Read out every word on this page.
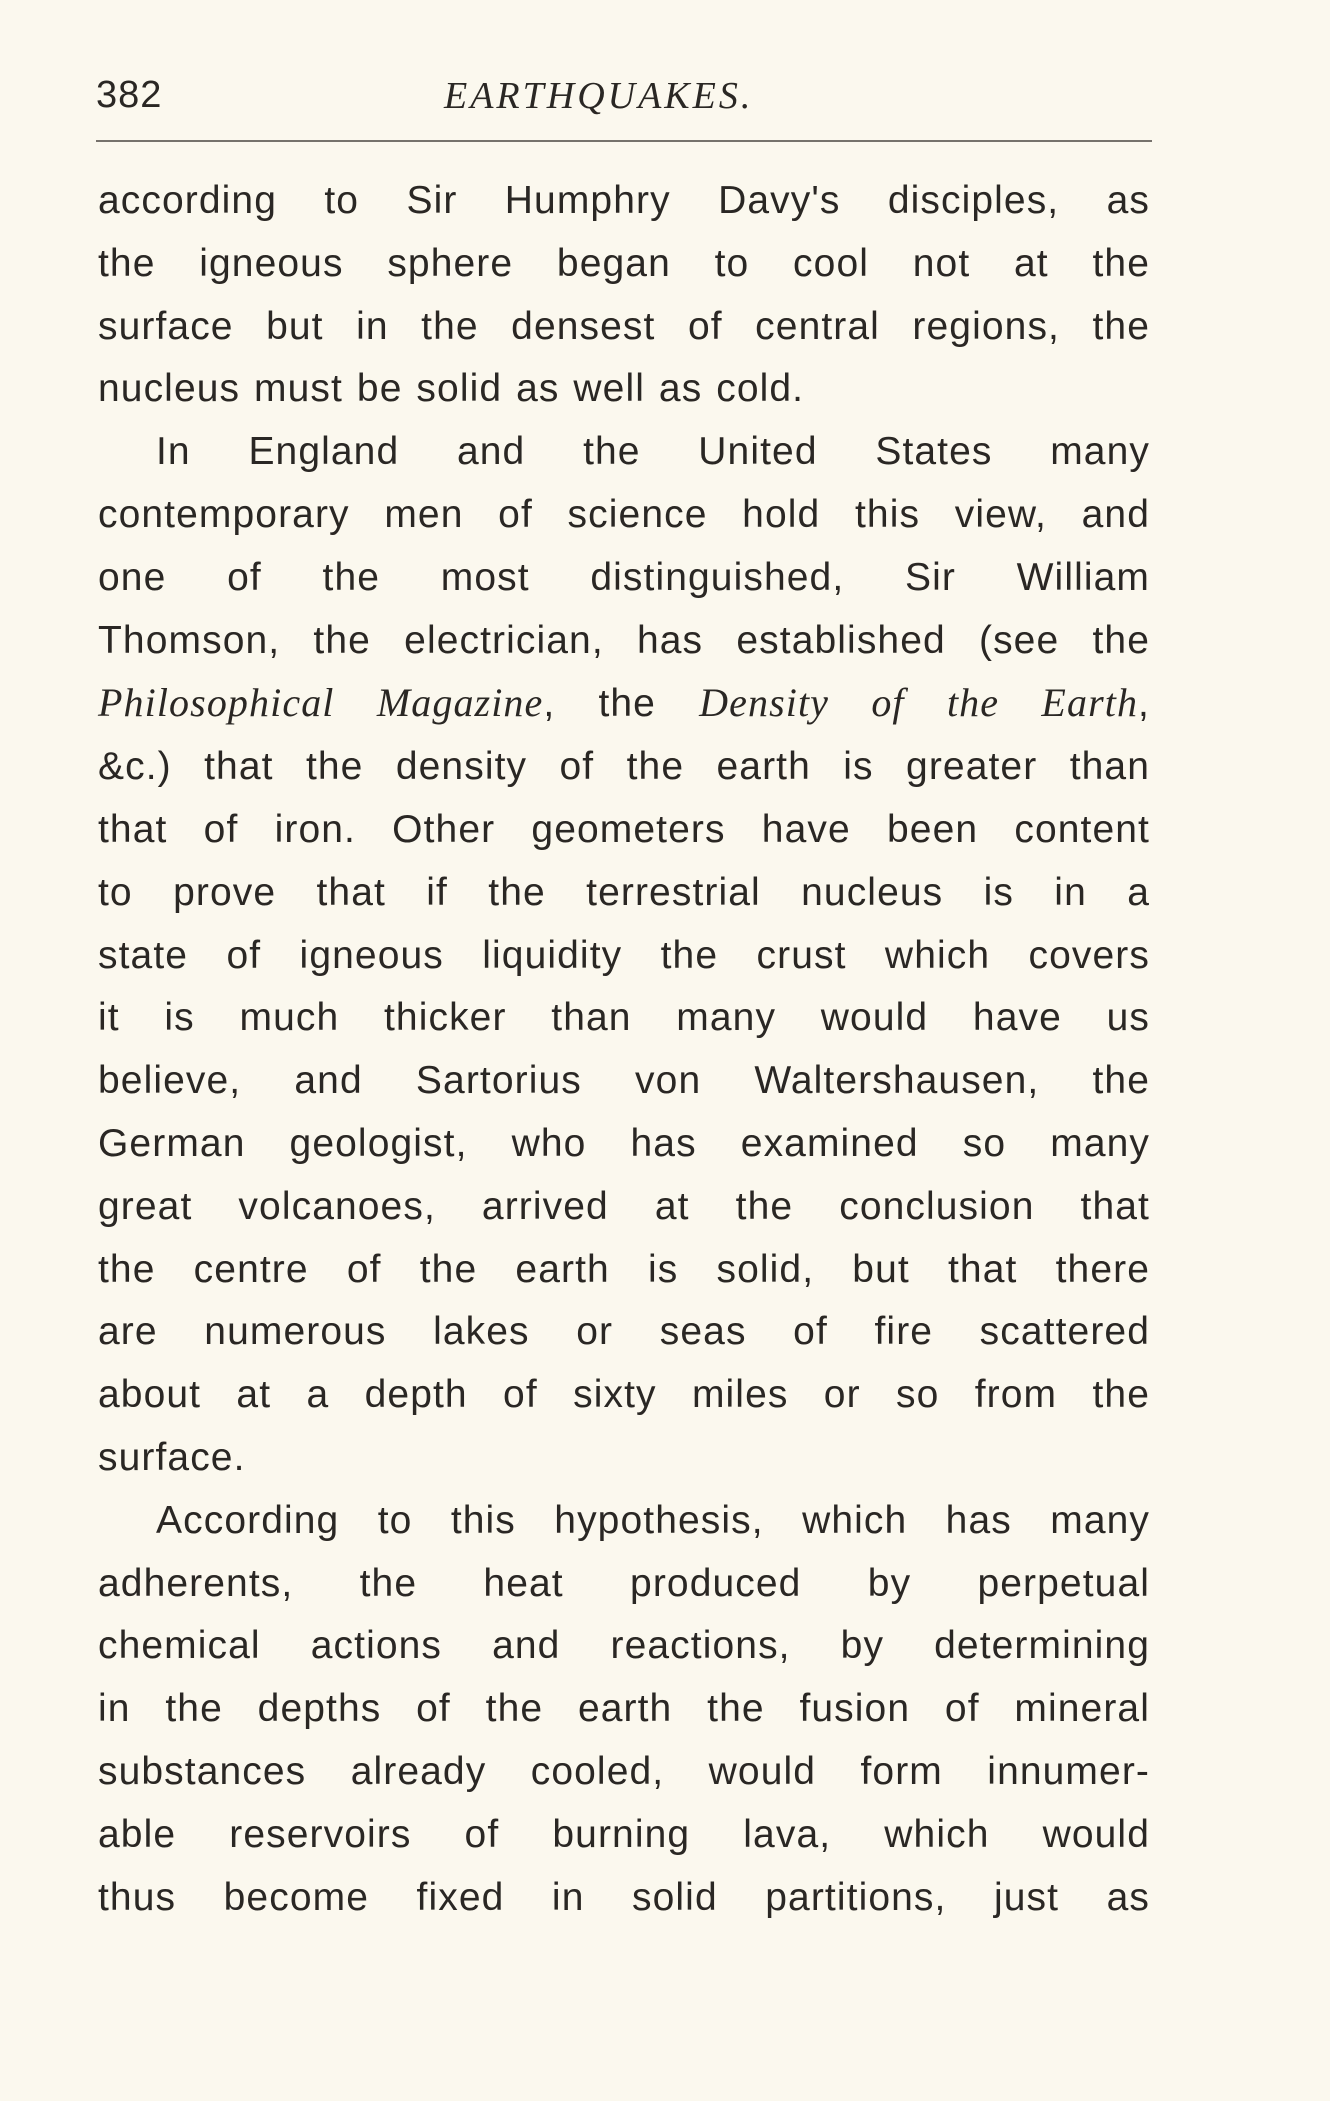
382	EARTHQUAKES.
according to Sir Humphry Davy's disciples, as
the igneous sphere began to cool not at the
surface but in the densest of central regions, the
nucleus must be solid as well as cold.
In England and the United States many
contemporary men of science hold this view, and
one of the most distinguished, Sir William
Thomson, the electrician, has established (see the
Philosophical Magazine, the Density of the Earth,
&c.) that the density of the earth is greater than
that of iron. Other geometers have been content
to prove that if the terrestrial nucleus is in a
state of igneous liquidity the crust which covers
it is much thicker than many would have us
believe, and Sartorius von Waltershausen, the
German geologist, who has examined so many
great volcanoes, arrived at the conclusion that
the centre of the earth is solid, but that there
are numerous lakes or seas of fire scattered
about at a depth of sixty miles or so from the
surface.
According to this hypothesis, which has many
adherents, the heat produced by perpetual
chemical actions and reactions, by determining
in the depths of the earth the fusion of mineral
substances already cooled, would form innumer-
able reservoirs of burning lava, which would
thus become fixed in solid partitions, just as
